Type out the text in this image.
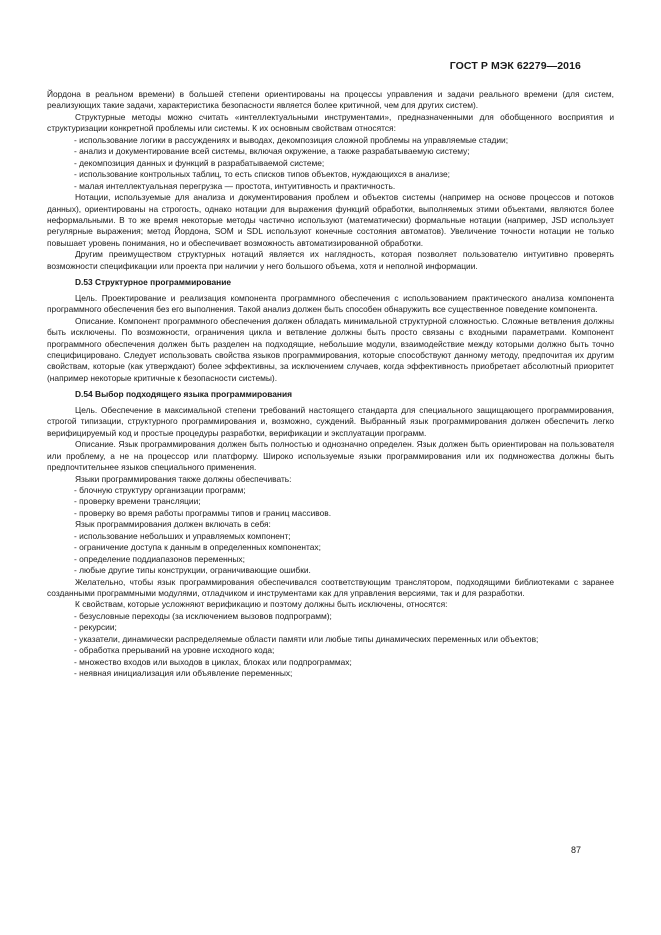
ГОСТ Р МЭК 62279—2016

Йордона в реальном времени) в большей степени ориентированы на процессы управления и задачи реального времени (для систем, реализующих такие задачи, характеристика безопасности является более критичной, чем для других систем).

Структурные методы можно считать «интеллектуальными инструментами», предназначенными для обобщенного восприятия и структуризации конкретной проблемы или системы. К их основным свойствам относятся:

- использование логики в рассуждениях и выводах, декомпозиция сложной проблемы на управляемые стадии;

- анализ и документирование всей системы, включая окружение, а также разрабатываемую систему;

- декомпозиция данных и функций в разрабатываемой системе;

- использование контрольных таблиц, то есть списков типов объектов, нуждающихся в анализе;

- малая интеллектуальная перегрузка — простота, интуитивность и практичность.

Нотации, используемые для анализа и документирования проблем и объектов системы (например на основе процессов и потоков данных), ориентированы на строгость, однако нотации для выражения функций обработки, выполняемых этими объектами, являются более неформальными. В то же время некоторые методы частично используют (математически) формальные нотации (например, JSD использует регулярные выражения; метод Йордона, SOM и SDL используют конечные состояния автоматов). Увеличение точности нотации не только повышает уровень понимания, но и обеспечивает возможность автоматизированной обработки.

Другим преимуществом структурных нотаций является их наглядность, которая позволяет пользователю интуитивно проверять возможности спецификации или проекта при наличии у него большого объема, хотя и неполной информации.

D.53 Структурное программирование

Цель. Проектирование и реализация компонента программного обеспечения с использованием практического анализа компонента программного обеспечения без его выполнения. Такой анализ должен быть способен обнаружить все существенное поведение компонента.

Описание. Компонент программного обеспечения должен обладать минимальной структурной сложностью. Сложные ветвления должны быть исключены. По возможности, ограничения цикла и ветвление должны быть просто связаны с входными параметрами. Компонент программного обеспечения должен быть разделен на подходящие, небольшие модули, взаимодействие между которыми должно быть точно специфицировано. Следует использовать свойства языков программирования, которые способствуют данному методу, предпочитая их другим свойствам, которые (как утверждают) более эффективны, за исключением случаев, когда эффективность приобретает абсолютный приоритет (например некоторые критичные к безопасности системы).

D.54 Выбор подходящего языка программирования

Цель. Обеспечение в максимальной степени требований настоящего стандарта для специального защищающего программирования, строгой типизации, структурного программирования и, возможно, суждений. Выбранный язык программирования должен обеспечить легко верифицируемый код и простые процедуры разработки, верификации и эксплуатации программ.

Описание. Язык программирования должен быть полностью и однозначно определен. Язык должен быть ориентирован на пользователя или проблему, а не на процессор или платформу. Широко используемые языки программирования или их подмножества должны быть предпочтительнее языков специального применения.

Языки программирования также должны обеспечивать:

- блочную структуру организации программ;

- проверку времени трансляции;

- проверку во время работы программы типов и границ массивов.

Язык программирования должен включать в себя:

- использование небольших и управляемых компонент;

- ограничение доступа к данным в определенных компонентах;

- определение поддиапазонов переменных;

- любые другие типы конструкции, ограничивающие ошибки.

Желательно, чтобы язык программирования обеспечивался соответствующим транслятором, подходящими библиотеками с заранее созданными программными модулями, отладчиком и инструментами как для управления версиями, так и для разработки.

К свойствам, которые усложняют верификацию и поэтому должны быть исключены, относятся:

- безусловные переходы (за исключением вызовов подпрограмм);

- рекурсии;

- указатели, динамически распределяемые области памяти или любые типы динамических переменных или объектов;

- обработка прерываний на уровне исходного кода;

- множество входов или выходов в циклах, блоках или подпрограммах;

- неявная инициализация или объявление переменных;

87
